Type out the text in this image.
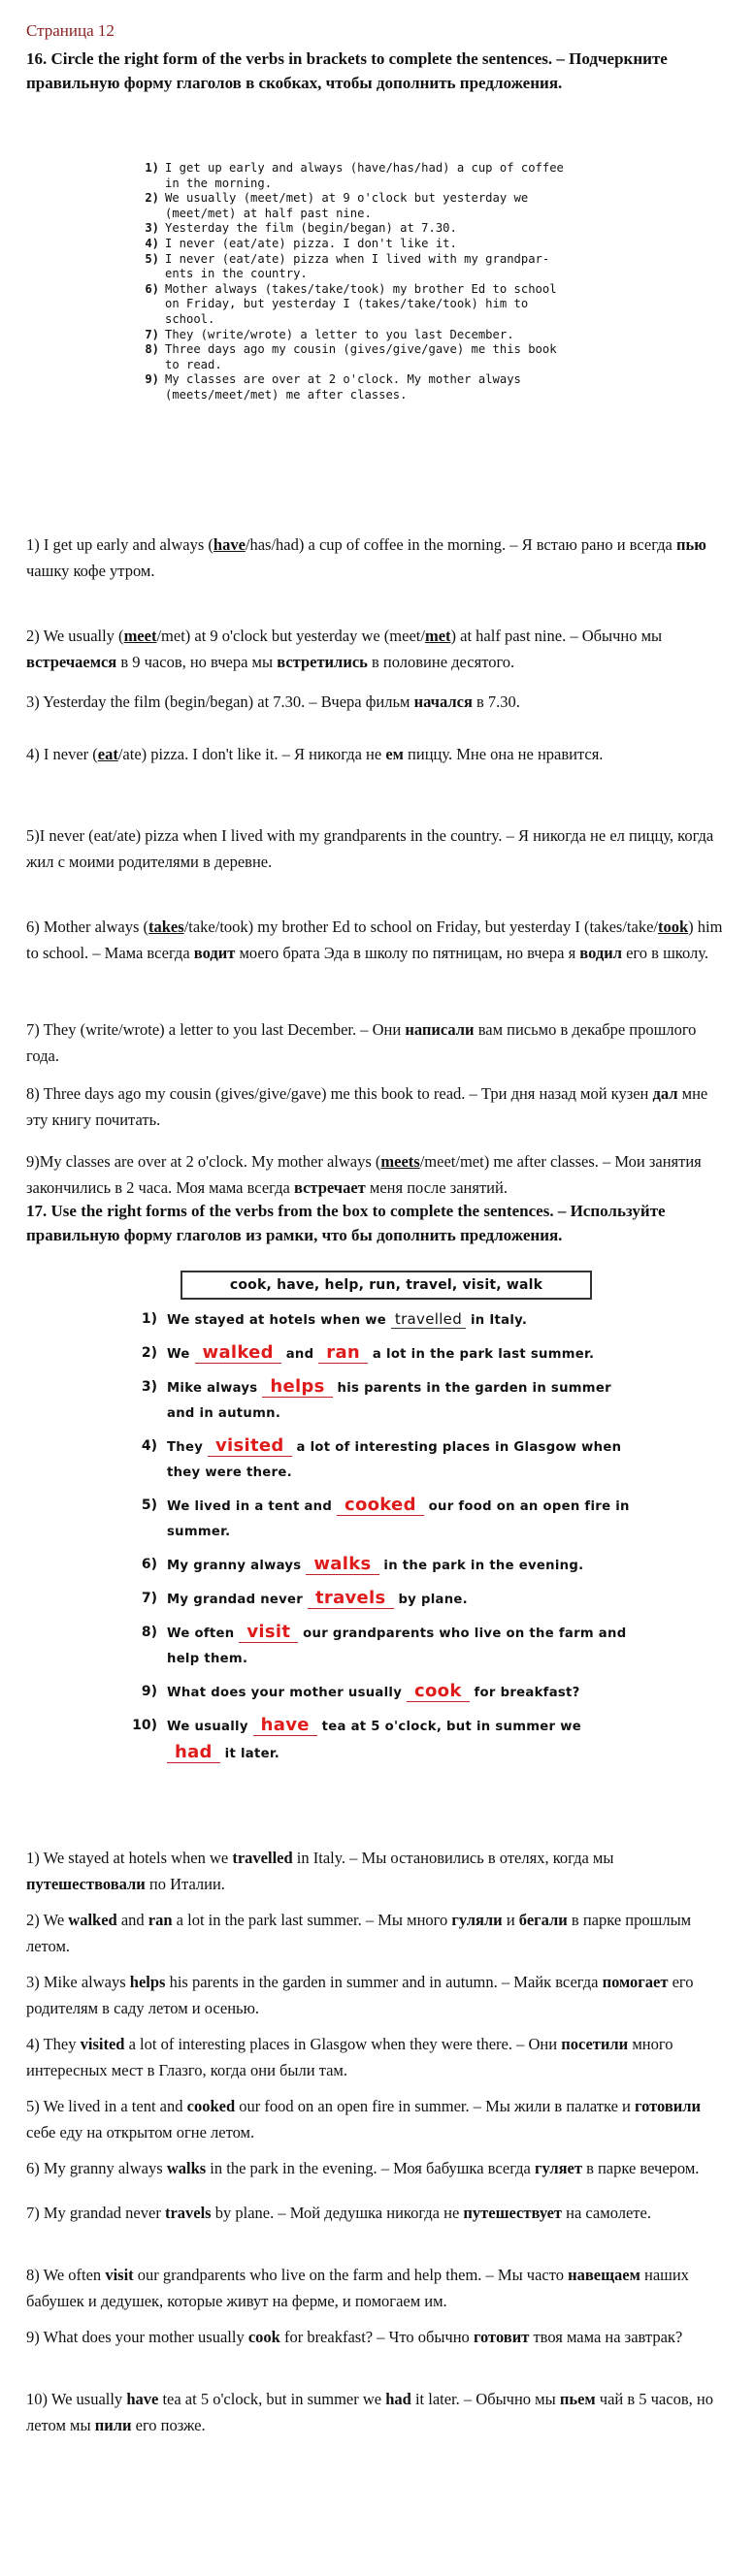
Страница 12
16. Circle the right form of the verbs in brackets to complete the sentences. – Подчеркните правильную форму глаголов в скобках, чтобы дополнить предложения.
1) I get up early and always (have/has/had) a cup of coffee
in the morning.
2) We usually (meet/met) at 9 o'clock but yesterday we
(meet/met) at half past nine.
3) Yesterday the film (begin/began) at 7.30.
4) I never (eat/ate) pizza. I don't like it.
5) I never (eat/ate) pizza when I lived with my grandpar-
ents in the country.
6) Mother always (takes/take/took) my brother Ed to school
on Friday, but yesterday I (takes/take/took) him to
school.
7) They (write/wrote) a letter to you last December.
8) Three days ago my cousin (gives/give/gave) me this book
to read.
9) My classes are over at 2 o'clock. My mother always
(meets/meet/met) me after classes.
1) I get up early and always (have/has/had) a cup of coffee in the morning. – Я встаю рано и всегда пью чашку кофе утром.
2) We usually (meet/met) at 9 o'clock but yesterday we (meet/met) at half past nine. – Обычно мы встречаемся в 9 часов, но вчера мы встретились в половине десятого.
3) Yesterday the film (begin/began) at 7.30. – Вчера фильм начался в 7.30.
4) I never (eat/ate) pizza. I don't like it. – Я никогда не ем пиццу. Мне она не нравится.
5)I never (eat/ate) pizza when I lived with my grandparents in the country. – Я никогда не ел пиццу, когда жил с моими родителями в деревне.
6) Mother always (takes/take/took) my brother Ed to school on Friday, but yesterday I (takes/take/took) him to school. – Мама всегда водит моего брата Эда в школу по пятницам, но вчера я водил его в школу.
7) They (write/wrote) a letter to you last December. – Они написали вам письмо в декабре прошлого года.
8) Three days ago my cousin (gives/give/gave) me this book to read. – Три дня назад мой кузен дал мне эту книгу почитать.
9)My classes are over at 2 o'clock. My mother always (meets/meet/met) me after classes. – Мои занятия закончились в 2 часа. Моя мама всегда встречает меня после занятий.
17. Use the right forms of the verbs from the box to complete the sentences. – Используйте правильную форму глаголов из рамки, что бы дополнить предложения.
cook, have, help, run, travel, visit, walk
1) We stayed at hotels when we travelled in Italy.
2) We walked and ran a lot in the park last summer.
3) Mike always helps his parents in the garden in summer and in autumn.
4) They visited a lot of interesting places in Glasgow when they were there.
5) We lived in a tent and cooked our food on an open fire in summer.
6) My granny always walks in the park in the evening.
7) My grandad never travels by plane.
8) We often visit our grandparents who live on the farm and help them.
9) What does your mother usually cook for breakfast?
10) We usually have tea at 5 o'clock, but in summer we had it later.
1) We stayed at hotels when we travelled in Italy. – Мы остановились в отелях, когда мы путешествовали по Италии.
2) We walked and ran a lot in the park last summer. – Мы много гуляли и бегали в парке прошлым летом.
3) Mike always helps his parents in the garden in summer and in autumn. – Майк всегда помогает его родителям в саду летом и осенью.
4) They visited a lot of interesting places in Glasgow when they were there. – Они посетили много интересных мест в Глазго, когда они были там.
5) We lived in a tent and cooked our food on an open fire in summer. – Мы жили в палатке и готовили себе еду на открытом огне летом.
6) My granny always walks in the park in the evening. – Моя бабушка всегда гуляет в парке вечером.
7) My grandad never travels by plane. – Мой дедушка никогда не путешествует на самолете.
8) We often visit our grandparents who live on the farm and help them. – Мы часто навещаем наших бабушек и дедушек, которые живут на ферме, и помогаем им.
9) What does your mother usually cook for breakfast? – Что обычно готовит твоя мама на завтрак?
10) We usually have tea at 5 o'clock, but in summer we had it later. – Обычно мы пьем чай в 5 часов, но летом мы пили его позже.
